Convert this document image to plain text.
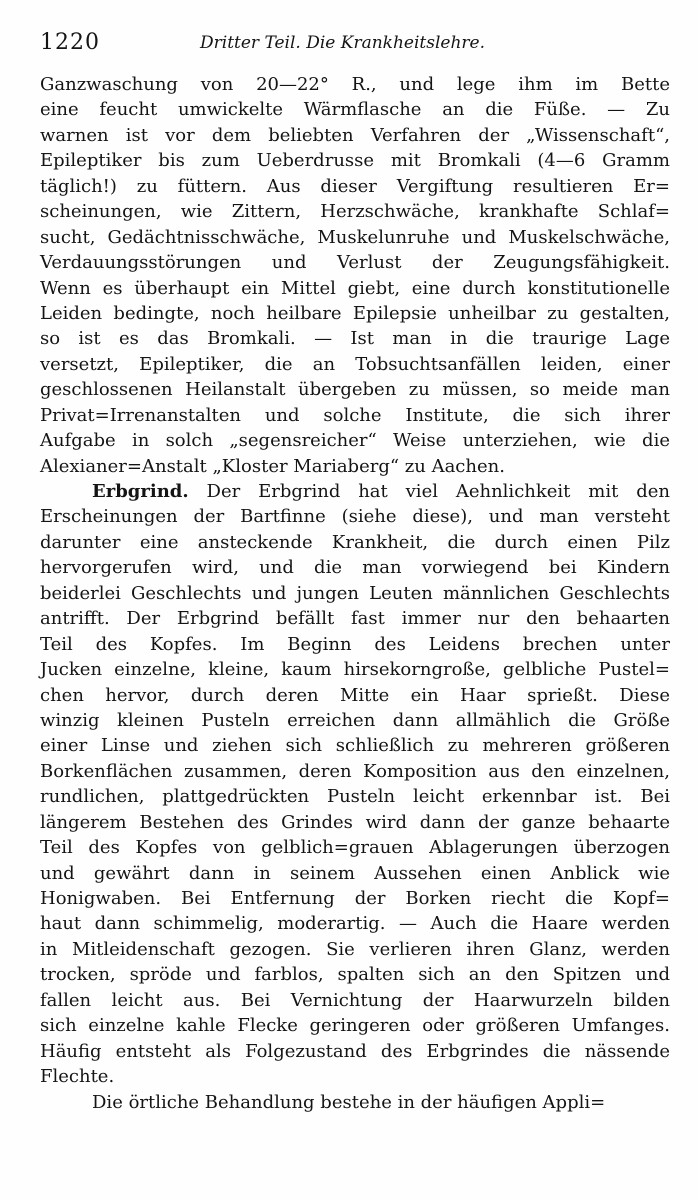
1220	Dritter Teil. Die Krankheitslehre.
Ganzwaschung von 20—22° R., und lege ihm im Bette
eine feucht umwickelte Wärmflasche an die Füße. — Zu
warnen ist vor dem beliebten Verfahren der „Wissenschaft“,
Epileptiker bis zum Ueberdrusse mit Bromkali (4—6 Gramm
täglich!) zu füttern. Aus dieser Vergiftung resultieren Er=
scheinungen, wie Zittern, Herzschwäche, krankhafte Schlaf=
sucht, Gedächtnisschwäche, Muskelunruhe und Muskelschwäche,
Verdauungsstörungen und Verlust der Zeugungsfähigkeit.
Wenn es überhaupt ein Mittel giebt, eine durch konstitutionelle
Leiden bedingte, noch heilbare Epilepsie unheilbar zu gestalten,
so ist es das Bromkali. — Ist man in die traurige Lage
versetzt, Epileptiker, die an Tobsuchtsanfällen leiden, einer
geschlossenen Heilanstalt übergeben zu müssen, so meide man
Privat=Irrenanstalten und solche Institute, die sich ihrer
Aufgabe in solch „segensreicher“ Weise unterziehen, wie die
Alexianer=Anstalt „Kloster Mariaberg“ zu Aachen.
Erbgrind. Der Erbgrind hat viel Aehnlichkeit mit den
Erscheinungen der Bartfinne (siehe diese), und man versteht
darunter eine ansteckende Krankheit, die durch einen Pilz
hervorgerufen wird, und die man vorwiegend bei Kindern
beiderlei Geschlechts und jungen Leuten männlichen Geschlechts
antrifft. Der Erbgrind befällt fast immer nur den behaarten
Teil des Kopfes. Im Beginn des Leidens brechen unter
Jucken einzelne, kleine, kaum hirsekorngroße, gelbliche Pustel=
chen hervor, durch deren Mitte ein Haar sprießt. Diese
winzig kleinen Pusteln erreichen dann allmählich die Größe
einer Linse und ziehen sich schließlich zu mehreren größeren
Borkenflächen zusammen, deren Komposition aus den einzelnen,
rundlichen, plattgedrückten Pusteln leicht erkennbar ist. Bei
längerem Bestehen des Grindes wird dann der ganze behaarte
Teil des Kopfes von gelblich=grauen Ablagerungen überzogen
und gewährt dann in seinem Aussehen einen Anblick wie
Honigwaben. Bei Entfernung der Borken riecht die Kopf=
haut dann schimmelig, moderartig. — Auch die Haare werden
in Mitleidenschaft gezogen. Sie verlieren ihren Glanz, werden
trocken, spröde und farblos, spalten sich an den Spitzen und
fallen leicht aus. Bei Vernichtung der Haarwurzeln bilden
sich einzelne kahle Flecke geringeren oder größeren Umfanges.
Häufig entsteht als Folgezustand des Erbgrindes die nässende
Flechte.
Die örtliche Behandlung bestehe in der häufigen Appli=
